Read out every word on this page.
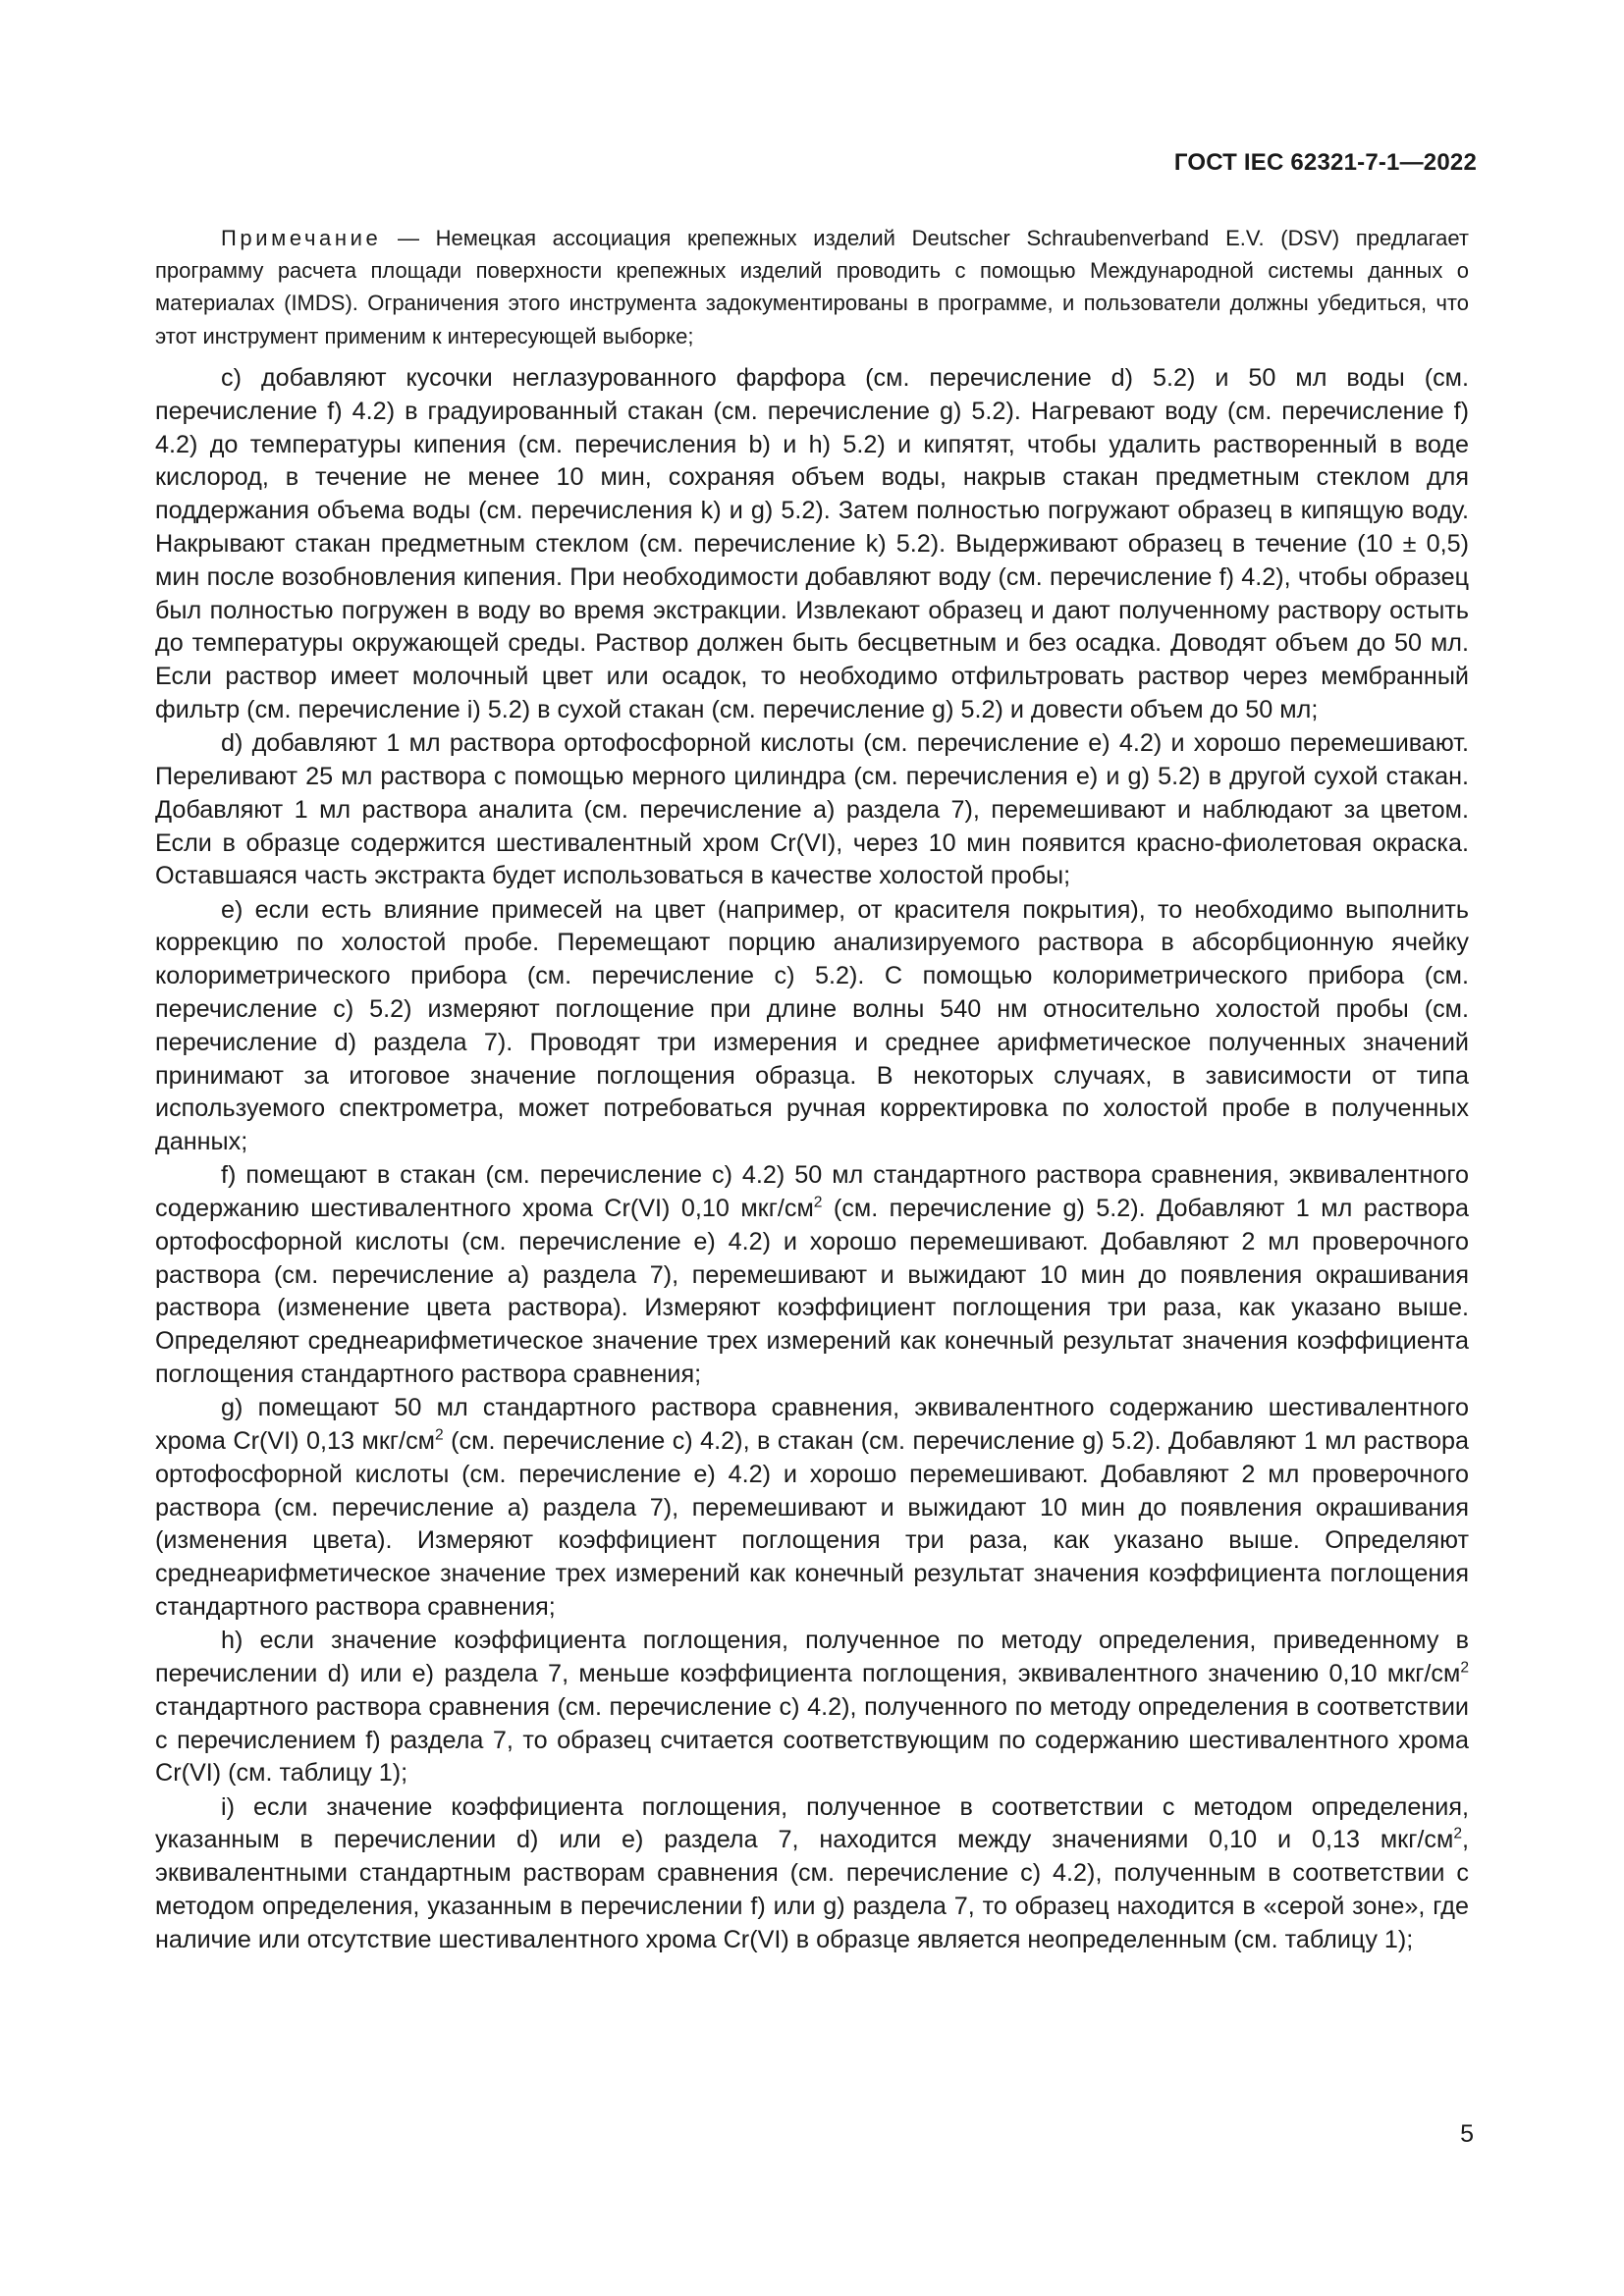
ГОСТ IEC 62321-7-1—2022
Примечание — Немецкая ассоциация крепежных изделий Deutscher Schraubenverband E.V. (DSV) предлагает программу расчета площади поверхности крепежных изделий проводить с помощью Международной системы данных о материалах (IMDS). Ограничения этого инструмента задокументированы в программе, и пользователи должны убедиться, что этот инструмент применим к интересующей выборке;

c) добавляют кусочки неглазурованного фарфора (см. перечисление d) 5.2) и 50 мл воды (см. перечисление f) 4.2) в градуированный стакан (см. перечисление g) 5.2). Нагревают воду (см. перечисление f) 4.2) до температуры кипения (см. перечисления b) и h) 5.2) и кипятят, чтобы удалить растворенный в воде кислород, в течение не менее 10 мин, сохраняя объем воды, накрыв стакан предметным стеклом для поддержания объема воды (см. перечисления k) и g) 5.2). Затем полностью погружают образец в кипящую воду. Накрывают стакан предметным стеклом (см. перечисление k) 5.2). Выдерживают образец в течение (10 ± 0,5) мин после возобновления кипения. При необходимости добавляют воду (см. перечисление f) 4.2), чтобы образец был полностью погружен в воду во время экстракции. Извлекают образец и дают полученному раствору остыть до температуры окружающей среды. Раствор должен быть бесцветным и без осадка. Доводят объем до 50 мл. Если раствор имеет молочный цвет или осадок, то необходимо отфильтровать раствор через мембранный фильтр (см. перечисление i) 5.2) в сухой стакан (см. перечисление g) 5.2) и довести объем до 50 мл;

d) добавляют 1 мл раствора ортофосфорной кислоты (см. перечисление e) 4.2) и хорошо перемешивают. Переливают 25 мл раствора с помощью мерного цилиндра (см. перечисления e) и g) 5.2) в другой сухой стакан. Добавляют 1 мл раствора аналита (см. перечисление a) раздела 7), перемешивают и наблюдают за цветом. Если в образце содержится шестивалентный хром Cr(VI), через 10 мин появится красно-фиолетовая окраска. Оставшаяся часть экстракта будет использоваться в качестве холостой пробы;

e) если есть влияние примесей на цвет (например, от красителя покрытия), то необходимо выполнить коррекцию по холостой пробе. Перемещают порцию анализируемого раствора в абсорбционную ячейку колориметрического прибора (см. перечисление c) 5.2). С помощью колориметрического прибора (см. перечисление c) 5.2) измеряют поглощение при длине волны 540 нм относительно холостой пробы (см. перечисление d) раздела 7). Проводят три измерения и среднее арифметическое полученных значений принимают за итоговое значение поглощения образца. В некоторых случаях, в зависимости от типа используемого спектрометра, может потребоваться ручная корректировка по холостой пробе в полученных данных;

f) помещают в стакан (см. перечисление c) 4.2) 50 мл стандартного раствора сравнения, эквивалентного содержанию шестивалентного хрома Cr(VI) 0,10 мкг/$см^2$ (см. перечисление g) 5.2). Добавляют 1 мл раствора ортофосфорной кислоты (см. перечисление e) 4.2) и хорошо перемешивают. Добавляют 2 мл проверочного раствора (см. перечисление a) раздела 7), перемешивают и выжидают 10 мин до появления окрашивания раствора (изменение цвета раствора). Измеряют коэффициент поглощения три раза, как указано выше. Определяют среднеарифметическое значение трех измерений как конечный результат значения коэффициента поглощения стандартного раствора сравнения;

g) помещают 50 мл стандартного раствора сравнения, эквивалентного содержанию шестивалентного хрома Cr(VI) 0,13 мкг/$см^2$ (см. перечисление c) 4.2), в стакан (см. перечисление g) 5.2). Добавляют 1 мл раствора ортофосфорной кислоты (см. перечисление e) 4.2) и хорошо перемешивают. Добавляют 2 мл проверочного раствора (см. перечисление a) раздела 7), перемешивают и выжидают 10 мин до появления окрашивания (изменения цвета). Измеряют коэффициент поглощения три раза, как указано выше. Определяют среднеарифметическое значение трех измерений как конечный результат значения коэффициента поглощения стандартного раствора сравнения;

h) если значение коэффициента поглощения, полученное по методу определения, приведенному в перечислении d) или e) раздела 7, меньше коэффициента поглощения, эквивалентного значению 0,10 мкг/$см^2$ стандартного раствора сравнения (см. перечисление c) 4.2), полученного по методу определения в соответствии с перечислением f) раздела 7, то образец считается соответствующим по содержанию шестивалентного хрома Cr(VI) (см. таблицу 1);

i) если значение коэффициента поглощения, полученное в соответствии с методом определения, указанным в перечислении d) или e) раздела 7, находится между значениями 0,10 и 0,13 мкг/$см^2$, эквивалентными стандартным растворам сравнения (см. перечисление c) 4.2), полученным в соответствии с методом определения, указанным в перечислении f) или g) раздела 7, то образец находится в «серой зоне», где наличие или отсутствие шестивалентного хрома Cr(VI) в образце является неопределенным (см. таблицу 1);

5
